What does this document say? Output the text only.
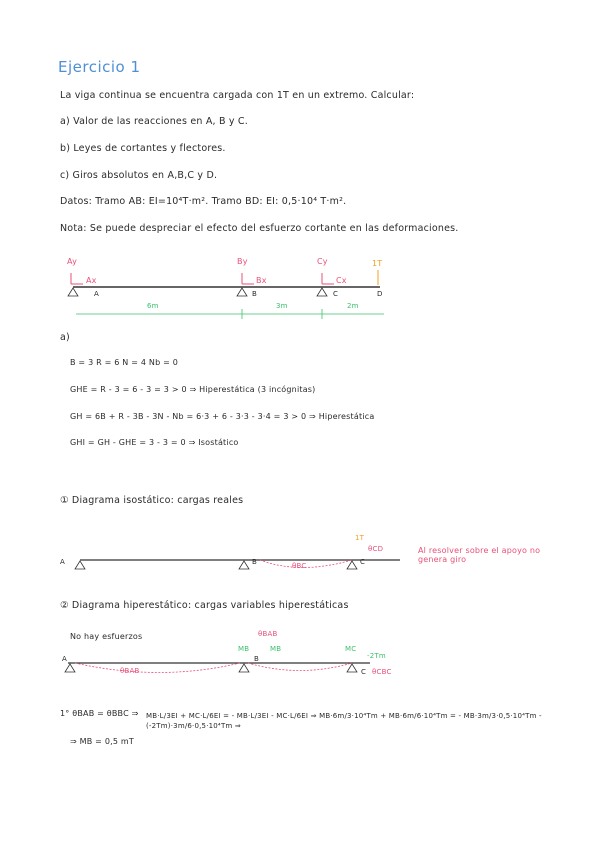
Ejercicio 1
La viga continua se encuentra cargada con 1T en un extremo. Calcular:
a) Valor de las reacciones en A, B y C.
b) Leyes de cortantes y flectores.
c) Giros absolutos en A,B,C y D.
Datos: Tramo AB: EI=10⁴T·m². Tramo BD: EI: 0,5·10⁴ T·m².
Nota: Se puede despreciar el efecto del esfuerzo cortante en las deformaciones.
Ay
Ax
By
Bx
Cy
Cx
1T
A	B	C	D
6m	3m	2m
a)
B = 3 R = 6 N = 4 Nb = 0
GHE = R - 3 = 6 - 3 = 3 > 0 ⇒ Hiperestática (3 incógnitas)
GH = 6B + R - 3B - 3N - Nb = 6·3 + 6 - 3·3 - 3·4 = 3 > 0 ⇒ Hiperestática
GHI = GH - GHE = 3 - 3 = 0 ⇒ Isostático
① Diagrama isostático: cargas reales
A	B	C
1T
θBC
θCD	Al resolver sobre el apoyo no genera giro
② Diagrama hiperestático: cargas variables hiperestáticas
No hay esfuerzos
A	B
C
MB	MB	MC
-2Tm
θBAB
θBAB
θCBC
1° θBAB = θBBC ⇒ MB·L/3EI + MC·L/6EI = - MB·L/3EI - MC·L/6EI ⇒ MB·6m/3·10⁴Tm + MB·6m/6·10⁴Tm = - MB·3m/3·0,5·10⁴Tm - (-2Tm)·3m/6·0,5·10⁴Tm ⇒
⇒ MB = 0,5 mT
